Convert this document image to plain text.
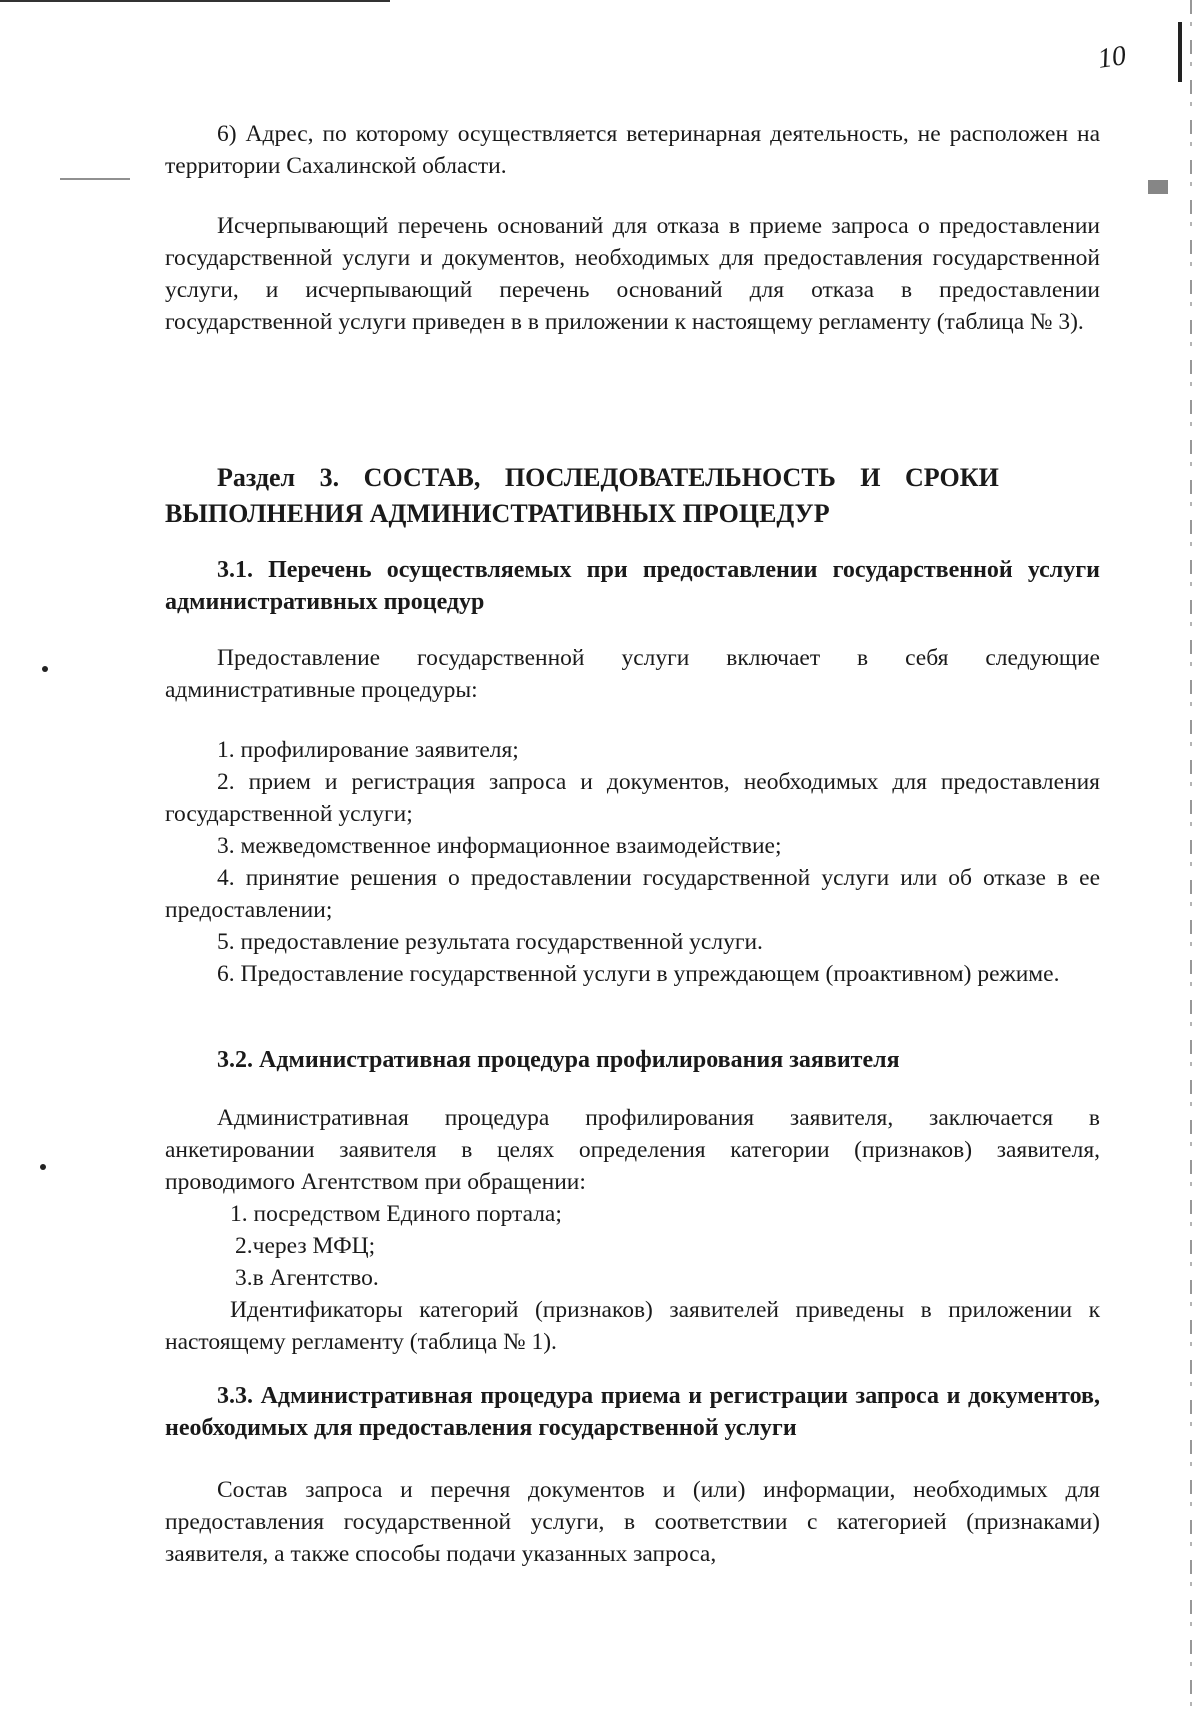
10
6) Адрес, по которому осуществляется ветеринарная деятельность, не расположен на территории Сахалинской области.
Исчерпывающий перечень оснований для отказа в приеме запроса о предоставлении государственной услуги и документов, необходимых для предоставления государственной услуги, и исчерпывающий перечень оснований для отказа в предоставлении государственной услуги приведен в в приложении к настоящему регламенту (таблица № 3).
Раздел 3. СОСТАВ, ПОСЛЕДОВАТЕЛЬНОСТЬ И СРОКИ
ВЫПОЛНЕНИЯ АДМИНИСТРАТИВНЫХ ПРОЦЕДУР
3.1. Перечень осуществляемых при предоставлении государственной услуги административных процедур
Предоставление государственной услуги включает в себя следующие административные процедуры:
1. профилирование заявителя;
2. прием и регистрация запроса и документов, необходимых для предоставления государственной услуги;
3. межведомственное информационное взаимодействие;
4. принятие решения о предоставлении государственной услуги или об отказе в ее предоставлении;
5. предоставление результата государственной услуги.
6. Предоставление государственной услуги в упреждающем (проактивном) режиме.
3.2. Административная процедура профилирования заявителя
Административная процедура профилирования заявителя, заключается в анкетировании заявителя в целях определения категории (признаков) заявителя, проводимого Агентством при обращении:
1. посредством Единого портала;
2.через МФЦ;
3.в Агентство.
Идентификаторы категорий (признаков) заявителей приведены в приложении к настоящему регламенту (таблица № 1).
3.3. Административная процедура приема и регистрации запроса и документов, необходимых для предоставления государственной услуги
Состав запроса и перечня документов и (или) информации, необходимых для предоставления государственной услуги, в соответствии с категорией (признаками) заявителя, а также способы подачи указанных запроса,
